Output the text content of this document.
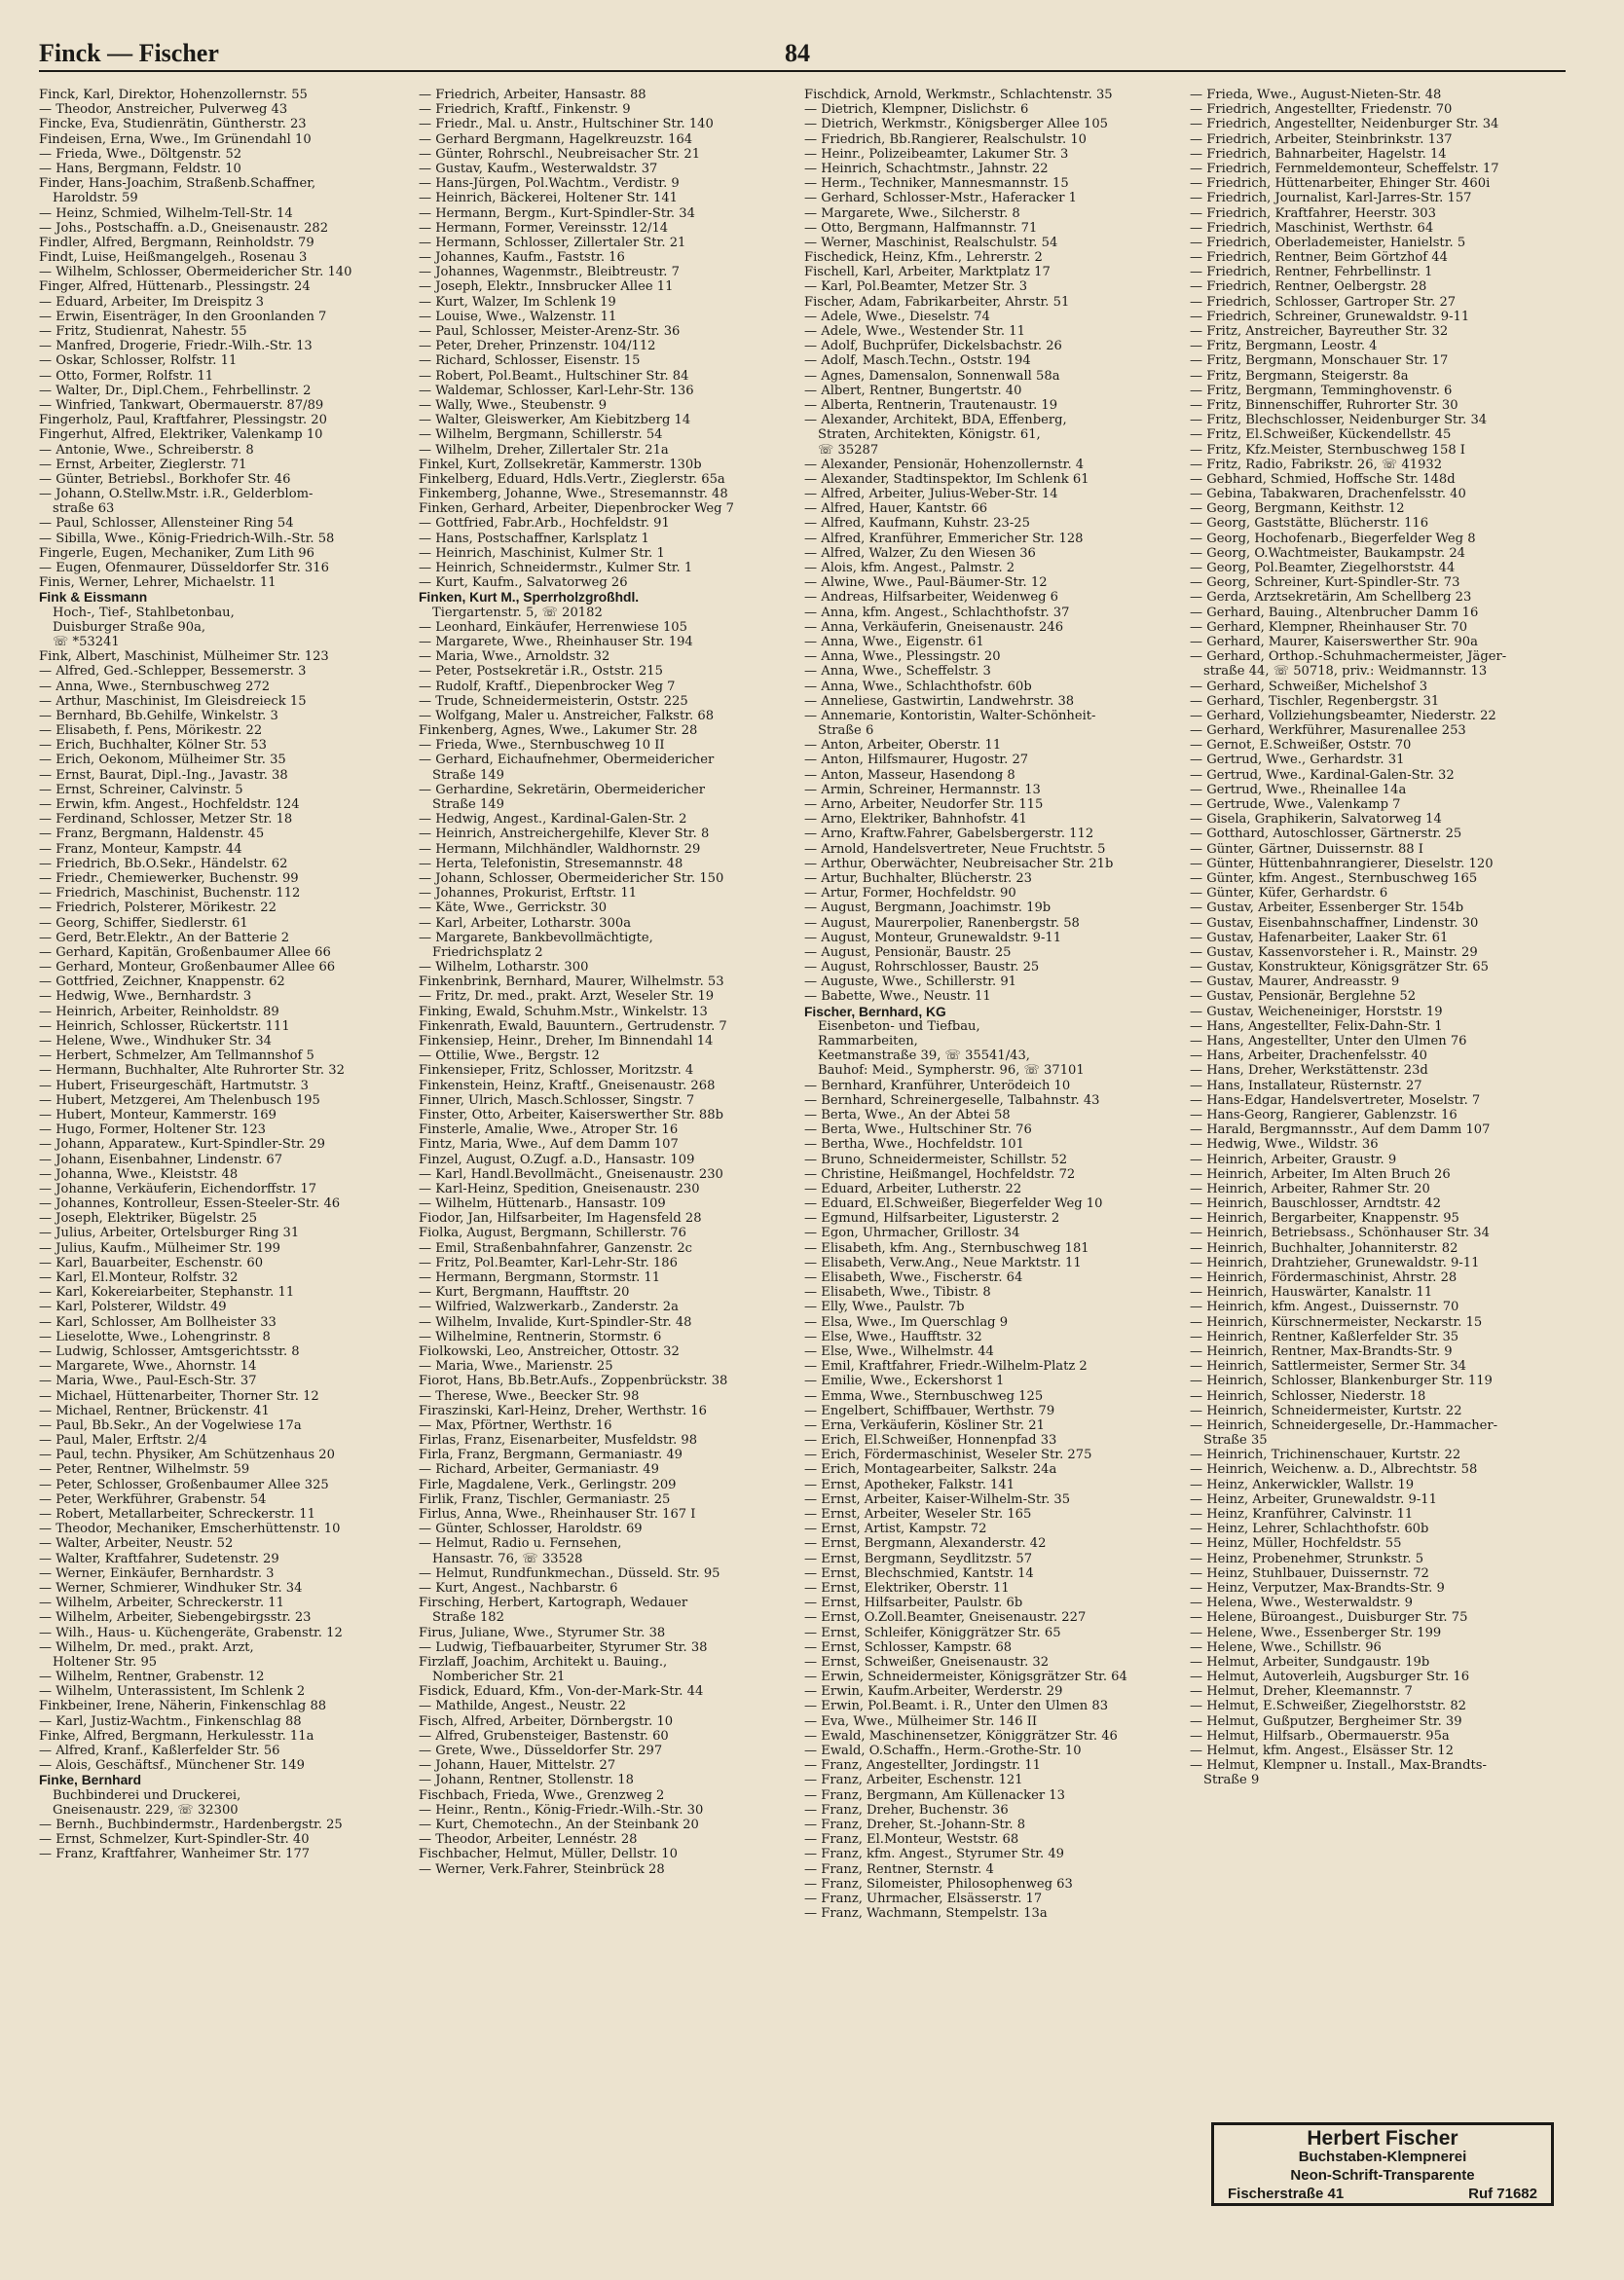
Finck — Fischer	84
Finck, Karl, Direktor, Hohenzollernstr. 55
— Theodor, Anstreicher, Pulverweg 43
Fincke, Eva, Studienrätin, Güntherstr. 23
Findeisen, Erna, Wwe., Im Grünendahl 10
— Frieda, Wwe., Döltgenstr. 52
— Hans, Bergmann, Feldstr. 10
Finder, Hans-Joachim, Straßenb.Schaffner,
Haroldstr. 59
— Heinz, Schmied, Wilhelm-Tell-Str. 14
— Johs., Postschaffn. a.D., Gneisenaustr. 282
Findler, Alfred, Bergmann, Reinholdstr. 79
Findt, Luise, Heißmangelgeh., Rosenau 3
— Wilhelm, Schlosser, Obermeidericher Str. 140
Finger, Alfred, Hüttenarb., Plessingstr. 24
— Eduard, Arbeiter, Im Dreispitz 3
— Erwin, Eisenträger, In den Groonlanden 7
— Fritz, Studienrat, Nahestr. 55
— Manfred, Drogerie, Friedr.-Wilh.-Str. 13
— Oskar, Schlosser, Rolfstr. 11
— Otto, Former, Rolfstr. 11
— Walter, Dr., Dipl.Chem., Fehrbellinstr. 2
— Winfried, Tankwart, Obermauerstr. 87/89
Fingerholz, Paul, Kraftfahrer, Plessingstr. 20
Fingerhut, Alfred, Elektriker, Valenkamp 10
— Antonie, Wwe., Schreiberstr. 8
— Ernst, Arbeiter, Zieglerstr. 71
— Günter, Betriebsl., Borkhofer Str. 46
— Johann, O.Stellw.Mstr. i.R., Gelderblom-
straße 63
— Paul, Schlosser, Allensteiner Ring 54
— Sibilla, Wwe., König-Friedrich-Wilh.-Str. 58
Fingerle, Eugen, Mechaniker, Zum Lith 96
— Eugen, Ofenmaurer, Düsseldorfer Str. 316
Finis, Werner, Lehrer, Michaelstr. 11
Fink & Eissmann
Hoch-, Tief-, Stahlbetonbau,
Duisburger Straße 90a,
☏ *53241
Fink, Albert, Maschinist, Mülheimer Str. 123
— Alfred, Ged.-Schlepper, Bessemerstr. 3
— Anna, Wwe., Sternbuschweg 272
— Arthur, Maschinist, Im Gleisdreieck 15
— Bernhard, Bb.Gehilfe, Winkelstr. 3
— Elisabeth, f. Pens, Mörikestr. 22
— Erich, Buchhalter, Kölner Str. 53
— Erich, Oekonom, Mülheimer Str. 35
— Ernst, Baurat, Dipl.-Ing., Javastr. 38
— Ernst, Schreiner, Calvinstr. 5
— Erwin, kfm. Angest., Hochfeldstr. 124
— Ferdinand, Schlosser, Metzer Str. 18
— Franz, Bergmann, Haldenstr. 45
— Franz, Monteur, Kampstr. 44
— Friedrich, Bb.O.Sekr., Händelstr. 62
— Friedr., Chemiewerker, Buchenstr. 99
— Friedrich, Maschinist, Buchenstr. 112
— Friedrich, Polsterer, Mörikestr. 22
— Georg, Schiffer, Siedlerstr. 61
— Gerd, Betr.Elektr., An der Batterie 2
— Gerhard, Kapitän, Großenbaumer Allee 66
— Gerhard, Monteur, Großenbaumer Allee 66
— Gottfried, Zeichner, Knappenstr. 62
— Hedwig, Wwe., Bernhardstr. 3
— Heinrich, Arbeiter, Reinholdstr. 89
— Heinrich, Schlosser, Rückertstr. 111
— Helene, Wwe., Windhuker Str. 34
— Herbert, Schmelzer, Am Tellmannshof 5
— Hermann, Buchhalter, Alte Ruhrorter Str. 32
— Hubert, Friseurgeschäft, Hartmutstr. 3
— Hubert, Metzgerei, Am Thelenbusch 195
— Hubert, Monteur, Kammerstr. 169
— Hugo, Former, Holtener Str. 123
— Johann, Apparatew., Kurt-Spindler-Str. 29
— Johann, Eisenbahner, Lindenstr. 67
— Johanna, Wwe., Kleiststr. 48
— Johanne, Verkäuferin, Eichendorffstr. 17
— Johannes, Kontrolleur, Essen-Steeler-Str. 46
— Joseph, Elektriker, Bügelstr. 25
— Julius, Arbeiter, Ortelsburger Ring 31
— Julius, Kaufm., Mülheimer Str. 199
— Karl, Bauarbeiter, Eschenstr. 60
— Karl, El.Monteur, Rolfstr. 32
— Karl, Kokereiarbeiter, Stephanstr. 11
— Karl, Polsterer, Wildstr. 49
— Karl, Schlosser, Am Bollheister 33
— Lieselotte, Wwe., Lohengrinstr. 8
— Ludwig, Schlosser, Amtsgerichtsstr. 8
— Margarete, Wwe., Ahornstr. 14
— Maria, Wwe., Paul-Esch-Str. 37
— Michael, Hüttenarbeiter, Thorner Str. 12
— Michael, Rentner, Brückenstr. 41
— Paul, Bb.Sekr., An der Vogelwiese 17a
— Paul, Maler, Erftstr. 2/4
— Paul, techn. Physiker, Am Schützenhaus 20
— Peter, Rentner, Wilhelmstr. 59
— Peter, Schlosser, Großenbaumer Allee 325
— Peter, Werkführer, Grabenstr. 54
— Robert, Metallarbeiter, Schreckerstr. 11
— Theodor, Mechaniker, Emscherhüttenstr. 10
— Walter, Arbeiter, Neustr. 52
— Walter, Kraftfahrer, Sudetenstr. 29
— Werner, Einkäufer, Bernhardstr. 3
— Werner, Schmierer, Windhuker Str. 34
— Wilhelm, Arbeiter, Schreckerstr. 11
— Wilhelm, Arbeiter, Siebengebirgsstr. 23
— Wilh., Haus- u. Küchengeräte, Grabenstr. 12
— Wilhelm, Dr. med., prakt. Arzt,
Holtener Str. 95
— Wilhelm, Rentner, Grabenstr. 12
— Wilhelm, Unterassistent, Im Schlenk 2
Finkbeiner, Irene, Näherin, Finkenschlag 88
— Karl, Justiz-Wachtm., Finkenschlag 88
Finke, Alfred, Bergmann, Herkulesstr. 11a
— Alfred, Kranf., Kaßlerfelder Str. 56
— Alois, Geschäftsf., Münchener Str. 149
Finke, Bernhard
Buchbinderei und Druckerei,
Gneisenaustr. 229, ☏ 32300
— Bernh., Buchbindermstr., Hardenbergstr. 25
— Ernst, Schmelzer, Kurt-Spindler-Str. 40
— Franz, Kraftfahrer, Wanheimer Str. 177
— Friedrich, Arbeiter, Hansastr. 88
— Friedrich, Kraftf., Finkenstr. 9
— Friedr., Mal. u. Anstr., Hultschiner Str. 140
— Gerhard Bergmann, Hagelkreuzstr. 164
— Günter, Rohrschl., Neubreisacher Str. 21
— Gustav, Kaufm., Westerwaldstr. 37
— Hans-Jürgen, Pol.Wachtm., Verdistr. 9
— Heinrich, Bäckerei, Holtener Str. 141
— Hermann, Bergm., Kurt-Spindler-Str. 34
— Hermann, Former, Vereinsstr. 12/14
— Hermann, Schlosser, Zillertaler Str. 21
— Johannes, Kaufm., Faststr. 16
— Johannes, Wagenmstr., Bleibtreustr. 7
— Joseph, Elektr., Innsbrucker Allee 11
— Kurt, Walzer, Im Schlenk 19
— Louise, Wwe., Walzenstr. 11
— Paul, Schlosser, Meister-Arenz-Str. 36
— Peter, Dreher, Prinzenstr. 104/112
— Richard, Schlosser, Eisenstr. 15
— Robert, Pol.Beamt., Hultschiner Str. 84
— Waldemar, Schlosser, Karl-Lehr-Str. 136
— Wally, Wwe., Steubenstr. 9
— Walter, Gleiswerker, Am Kiebitzberg 14
— Wilhelm, Bergmann, Schillerstr. 54
— Wilhelm, Dreher, Zillertaler Str. 21a
Finkel, Kurt, Zollsekretär, Kammerstr. 130b
Finkelberg, Eduard, Hdls.Vertr., Zieglerstr. 65a
Finkemberg, Johanne, Wwe., Stresemannstr. 48
Finken, Gerhard, Arbeiter, Diepenbrocker Weg 7
— Gottfried, Fabr.Arb., Hochfeldstr. 91
— Hans, Postschaffner, Karlsplatz 1
— Heinrich, Maschinist, Kulmer Str. 1
— Heinrich, Schneidermstr., Kulmer Str. 1
— Kurt, Kaufm., Salvatorweg 26
Finken, Kurt M., Sperrholzgroßhdl.
Tiergartenstr. 5, ☏ 20182
— Leonhard, Einkäufer, Herrenwiese 105
— Margarete, Wwe., Rheinhauser Str. 194
— Maria, Wwe., Arnoldstr. 32
— Peter, Postsekretär i.R., Oststr. 215
— Rudolf, Kraftf., Diepenbrocker Weg 7
— Trude, Schneidermeisterin, Oststr. 225
— Wolfgang, Maler u. Anstreicher, Falkstr. 68
Finkenberg, Agnes, Wwe., Lakumer Str. 28
— Frieda, Wwe., Sternbuschweg 10 II
— Gerhard, Eichaufnehmer, Obermeidericher
Straße 149
— Gerhardine, Sekretärin, Obermeidericher
Straße 149
— Hedwig, Angest., Kardinal-Galen-Str. 2
— Heinrich, Anstreichergehilfe, Klever Str. 8
— Hermann, Milchhändler, Waldhornstr. 29
— Herta, Telefonistin, Stresemannstr. 48
— Johann, Schlosser, Obermeidericher Str. 150
— Johannes, Prokurist, Erftstr. 11
— Käte, Wwe., Gerrickstr. 30
— Karl, Arbeiter, Lotharstr. 300a
— Margarete, Bankbevollmächtigte,
Friedrichsplatz 2
— Wilhelm, Lotharstr. 300
Finkenbrink, Bernhard, Maurer, Wilhelmstr. 53
— Fritz, Dr. med., prakt. Arzt, Weseler Str. 19
Finking, Ewald, Schuhm.Mstr., Winkelstr. 13
Finkenrath, Ewald, Bauuntern., Gertrudenstr. 7
Finkensiep, Heinr., Dreher, Im Binnendahl 14
— Ottilie, Wwe., Bergstr. 12
Finkensieper, Fritz, Schlosser, Moritzstr. 4
Finkenstein, Heinz, Kraftf., Gneisenaustr. 268
Finner, Ulrich, Masch.Schlosser, Singstr. 7
Finster, Otto, Arbeiter, Kaiserswerther Str. 88b
Finsterle, Amalie, Wwe., Atroper Str. 16
Fintz, Maria, Wwe., Auf dem Damm 107
Finzel, August, O.Zugf. a.D., Hansastr. 109
— Karl, Handl.Bevollmächt., Gneisenaustr. 230
— Karl-Heinz, Spedition, Gneisenaustr. 230
— Wilhelm, Hüttenarb., Hansastr. 109
Fiodor, Jan, Hilfsarbeiter, Im Hagensfeld 28
Fiolka, August, Bergmann, Schillerstr. 76
— Emil, Straßenbahnfahrer, Ganzenstr. 2c
— Fritz, Pol.Beamter, Karl-Lehr-Str. 186
— Hermann, Bergmann, Stormstr. 11
— Kurt, Bergmann, Haufftstr. 20
— Wilfried, Walzwerkarb., Zanderstr. 2a
— Wilhelm, Invalide, Kurt-Spindler-Str. 48
— Wilhelmine, Rentnerin, Stormstr. 6
Fiolkowski, Leo, Anstreicher, Ottostr. 32
— Maria, Wwe., Marienstr. 25
Fiorot, Hans, Bb.Betr.Aufs., Zoppenbrückstr. 38
— Therese, Wwe., Beecker Str. 98
Firaszinski, Karl-Heinz, Dreher, Werthstr. 16
— Max, Pförtner, Werthstr. 16
Firlas, Franz, Eisenarbeiter, Musfeldstr. 98
Firla, Franz, Bergmann, Germaniastr. 49
— Richard, Arbeiter, Germaniastr. 49
Firle, Magdalene, Verk., Gerlingstr. 209
Firlik, Franz, Tischler, Germaniastr. 25
Firlus, Anna, Wwe., Rheinhauser Str. 167 I
— Günter, Schlosser, Haroldstr. 69
— Helmut, Radio u. Fernsehen,
Hansastr. 76, ☏ 33528
— Helmut, Rundfunkmechan., Düsseld. Str. 95
— Kurt, Angest., Nachbarstr. 6
Firsching, Herbert, Kartograph, Wedauer
Straße 182
Firus, Juliane, Wwe., Styrumer Str. 38
— Ludwig, Tiefbauarbeiter, Styrumer Str. 38
Firzlaff, Joachim, Architekt u. Bauing.,
Nombericher Str. 21
Fisdick, Eduard, Kfm., Von-der-Mark-Str. 44
— Mathilde, Angest., Neustr. 22
Fisch, Alfred, Arbeiter, Dörnbergstr. 10
— Alfred, Grubensteiger, Bastenstr. 60
— Grete, Wwe., Düsseldorfer Str. 297
— Johann, Hauer, Mittelstr. 27
— Johann, Rentner, Stollenstr. 18
Fischbach, Frieda, Wwe., Grenzweg 2
— Heinr., Rentn., König-Friedr.-Wilh.-Str. 30
— Kurt, Chemotechn., An der Steinbank 20
— Theodor, Arbeiter, Lennéstr. 28
Fischbacher, Helmut, Müller, Dellstr. 10
— Werner, Verk.Fahrer, Steinbrück 28
Fischdick, Arnold, Werkmstr., Schlachtenstr. 35
— Dietrich, Klempner, Dislichstr. 6
— Dietrich, Werkmstr., Königsberger Allee 105
— Friedrich, Bb.Rangierer, Realschulstr. 10
— Heinr., Polizeibeamter, Lakumer Str. 3
— Heinrich, Schachtmstr., Jahnstr. 22
— Herm., Techniker, Mannesmannstr. 15
— Gerhard, Schlosser-Mstr., Haferacker 1
— Margarete, Wwe., Silcherstr. 8
— Otto, Bergmann, Halfmannstr. 71
— Werner, Maschinist, Realschulstr. 54
Fischedick, Heinz, Kfm., Lehrerstr. 2
Fischell, Karl, Arbeiter, Marktplatz 17
— Karl, Pol.Beamter, Metzer Str. 3
Fischer, Adam, Fabrikarbeiter, Ahrstr. 51
— Adele, Wwe., Dieselstr. 74
— Adele, Wwe., Westender Str. 11
— Adolf, Buchprüfer, Dickelsbachstr. 26
— Adolf, Masch.Techn., Oststr. 194
— Agnes, Damensalon, Sonnenwall 58a
— Albert, Rentner, Bungertstr. 40
— Alberta, Rentnerin, Trautenaustr. 19
— Alexander, Architekt, BDA, Effenberg,
Straten, Architekten, Königstr. 61,
☏ 35287
— Alexander, Pensionär, Hohenzollernstr. 4
— Alexander, Stadtinspektor, Im Schlenk 61
— Alfred, Arbeiter, Julius-Weber-Str. 14
— Alfred, Hauer, Kantstr. 66
— Alfred, Kaufmann, Kuhstr. 23-25
— Alfred, Kranführer, Emmericher Str. 128
— Alfred, Walzer, Zu den Wiesen 36
— Alois, kfm. Angest., Palmstr. 2
— Alwine, Wwe., Paul-Bäumer-Str. 12
— Andreas, Hilfsarbeiter, Weidenweg 6
— Anna, kfm. Angest., Schlachthofstr. 37
— Anna, Verkäuferin, Gneisenaustr. 246
— Anna, Wwe., Eigenstr. 61
— Anna, Wwe., Plessingstr. 20
— Anna, Wwe., Scheffelstr. 3
— Anna, Wwe., Schlachthofstr. 60b
— Anneliese, Gastwirtin, Landwehrstr. 38
— Annemarie, Kontoristin, Walter-Schönheit-
Straße 6
— Anton, Arbeiter, Oberstr. 11
— Anton, Hilfsmaurer, Hugostr. 27
— Anton, Masseur, Hasendong 8
— Armin, Schreiner, Hermannstr. 13
— Arno, Arbeiter, Neudorfer Str. 115
— Arno, Elektriker, Bahnhofstr. 41
— Arno, Kraftw.Fahrer, Gabelsbergerstr. 112
— Arnold, Handelsvertreter, Neue Fruchtstr. 5
— Arthur, Oberwächter, Neubreisacher Str. 21b
— Artur, Buchhalter, Blücherstr. 23
— Artur, Former, Hochfeldstr. 90
— August, Bergmann, Joachimstr. 19b
— August, Maurerpolier, Ranenbergstr. 58
— August, Monteur, Grunewaldstr. 9-11
— August, Pensionär, Baustr. 25
— August, Rohrschlosser, Baustr. 25
— Auguste, Wwe., Schillerstr. 91
— Babette, Wwe., Neustr. 11
Fischer, Bernhard, KG
Eisenbeton- und Tiefbau,
Rammarbeiten,
Keetmanstraße 39, ☏ 35541/43,
Bauhof: Meid., Sympherstr. 96, ☏ 37101
— Bernhard, Kranführer, Unterödeich 10
— Bernhard, Schreinergeselle, Talbahnstr. 43
— Berta, Wwe., An der Abtei 58
— Berta, Wwe., Hultschiner Str. 76
— Bertha, Wwe., Hochfeldstr. 101
— Bruno, Schneidermeister, Schillstr. 52
— Christine, Heißmangel, Hochfeldstr. 72
— Eduard, Arbeiter, Lutherstr. 22
— Eduard, El.Schweißer, Biegerfelder Weg 10
— Egmund, Hilfsarbeiter, Ligusterstr. 2
— Egon, Uhrmacher, Grillostr. 34
— Elisabeth, kfm. Ang., Sternbuschweg 181
— Elisabeth, Verw.Ang., Neue Marktstr. 11
— Elisabeth, Wwe., Fischerstr. 64
— Elisabeth, Wwe., Tibistr. 8
— Elly, Wwe., Paulstr. 7b
— Elsa, Wwe., Im Querschlag 9
— Else, Wwe., Haufftstr. 32
— Else, Wwe., Wilhelmstr. 44
— Emil, Kraftfahrer, Friedr.-Wilhelm-Platz 2
— Emilie, Wwe., Eckershorst 1
— Emma, Wwe., Sternbuschweg 125
— Engelbert, Schiffbauer, Werthstr. 79
— Erna, Verkäuferin, Kösliner Str. 21
— Erich, El.Schweißer, Honnenpfad 33
— Erich, Fördermaschinist, Weseler Str. 275
— Erich, Montagearbeiter, Salkstr. 24a
— Ernst, Apotheker, Falkstr. 141
— Ernst, Arbeiter, Kaiser-Wilhelm-Str. 35
— Ernst, Arbeiter, Weseler Str. 165
— Ernst, Artist, Kampstr. 72
— Ernst, Bergmann, Alexanderstr. 42
— Ernst, Bergmann, Seydlitzstr. 57
— Ernst, Blechschmied, Kantstr. 14
— Ernst, Elektriker, Oberstr. 11
— Ernst, Hilfsarbeiter, Paulstr. 6b
— Ernst, O.Zoll.Beamter, Gneisenaustr. 227
— Ernst, Schleifer, Königgrätzer Str. 65
— Ernst, Schlosser, Kampstr. 68
— Ernst, Schweißer, Gneisenaustr. 32
— Erwin, Schneidermeister, Königsgrätzer Str. 64
— Erwin, Kaufm.Arbeiter, Werderstr. 29
— Erwin, Pol.Beamt. i. R., Unter den Ulmen 83
— Eva, Wwe., Mülheimer Str. 146 II
— Ewald, Maschinensetzer, Königgrätzer Str. 46
— Ewald, O.Schaffn., Herm.-Grothe-Str. 10
— Franz, Angestellter, Jordingstr. 11
— Franz, Arbeiter, Eschenstr. 121
— Franz, Bergmann, Am Küllenacker 13
— Franz, Dreher, Buchenstr. 36
— Franz, Dreher, St.-Johann-Str. 8
— Franz, El.Monteur, Weststr. 68
— Franz, kfm. Angest., Styrumer Str. 49
— Franz, Rentner, Sternstr. 4
— Franz, Silomeister, Philosophenweg 63
— Franz, Uhrmacher, Elsässerstr. 17
— Franz, Wachmann, Stempelstr. 13a
— Frieda, Wwe., August-Nieten-Str. 48
— Friedrich, Angestellter, Friedenstr. 70
— Friedrich, Angestellter, Neidenburger Str. 34
— Friedrich, Arbeiter, Steinbrinkstr. 137
— Friedrich, Bahnarbeiter, Hagelstr. 14
— Friedrich, Fernmeldemonteur, Scheffelstr. 17
— Friedrich, Hüttenarbeiter, Ehinger Str. 460i
— Friedrich, Journalist, Karl-Jarres-Str. 157
— Friedrich, Kraftfahrer, Heerstr. 303
— Friedrich, Maschinist, Werthstr. 64
— Friedrich, Oberlademeister, Hanielstr. 5
— Friedrich, Rentner, Beim Görtzhof 44
— Friedrich, Rentner, Fehrbellinstr. 1
— Friedrich, Rentner, Oelbergstr. 28
— Friedrich, Schlosser, Gartroper Str. 27
— Friedrich, Schreiner, Grunewaldstr. 9-11
— Fritz, Anstreicher, Bayreuther Str. 32
— Fritz, Bergmann, Leostr. 4
— Fritz, Bergmann, Monschauer Str. 17
— Fritz, Bergmann, Steigerstr. 8a
— Fritz, Bergmann, Temminghovenstr. 6
— Fritz, Binnenschiffer, Ruhrorter Str. 30
— Fritz, Blechschlosser, Neidenburger Str. 34
— Fritz, El.Schweißer, Kückendellstr. 45
— Fritz, Kfz.Meister, Sternbuschweg 158 I
— Fritz, Radio, Fabrikstr. 26, ☏ 41932
— Gebhard, Schmied, Hoffsche Str. 148d
— Gebina, Tabakwaren, Drachenfelsstr. 40
— Georg, Bergmann, Keithstr. 12
— Georg, Gaststätte, Blücherstr. 116
— Georg, Hochofenarb., Biegerfelder Weg 8
— Georg, O.Wachtmeister, Baukampstr. 24
— Georg, Pol.Beamter, Ziegelhorststr. 44
— Georg, Schreiner, Kurt-Spindler-Str. 73
— Gerda, Arztsekretärin, Am Schellberg 23
— Gerhard, Bauing., Altenbrucher Damm 16
— Gerhard, Klempner, Rheinhauser Str. 70
— Gerhard, Maurer, Kaiserswerther Str. 90a
— Gerhard, Orthop.-Schuhmachermeister, Jäger-
straße 44, ☏ 50718, priv.: Weidmannstr. 13
— Gerhard, Schweißer, Michelshof 3
— Gerhard, Tischler, Regenbergstr. 31
— Gerhard, Vollziehungsbeamter, Niederstr. 22
— Gerhard, Werkführer, Masurenallee 253
— Gernot, E.Schweißer, Oststr. 70
— Gertrud, Wwe., Gerhardstr. 31
— Gertrud, Wwe., Kardinal-Galen-Str. 32
— Gertrud, Wwe., Rheinallee 14a
— Gertrude, Wwe., Valenkamp 7
— Gisela, Graphikerin, Salvatorweg 14
— Gotthard, Autoschlosser, Gärtnerstr. 25
— Günter, Gärtner, Duissernstr. 88 I
— Günter, Hüttenbahnrangierer, Dieselstr. 120
— Günter, kfm. Angest., Sternbuschweg 165
— Günter, Küfer, Gerhardstr. 6
— Gustav, Arbeiter, Essenberger Str. 154b
— Gustav, Eisenbahnschaffner, Lindenstr. 30
— Gustav, Hafenarbeiter, Laaker Str. 61
— Gustav, Kassenvorsteher i. R., Mainstr. 29
— Gustav, Konstrukteur, Königsgrätzer Str. 65
— Gustav, Maurer, Andreasstr. 9
— Gustav, Pensionär, Berglehne 52
— Gustav, Weicheneiniger, Horststr. 19
— Hans, Angestellter, Felix-Dahn-Str. 1
— Hans, Angestellter, Unter den Ulmen 76
— Hans, Arbeiter, Drachenfelsstr. 40
— Hans, Dreher, Werkstättenstr. 23d
— Hans, Installateur, Rüsternstr. 27
— Hans-Edgar, Handelsvertreter, Moselstr. 7
— Hans-Georg, Rangierer, Gablenzstr. 16
— Harald, Bergmannsstr., Auf dem Damm 107
— Hedwig, Wwe., Wildstr. 36
— Heinrich, Arbeiter, Graustr. 9
— Heinrich, Arbeiter, Im Alten Bruch 26
— Heinrich, Arbeiter, Rahmer Str. 20
— Heinrich, Bauschlosser, Arndtstr. 42
— Heinrich, Bergarbeiter, Knappenstr. 95
— Heinrich, Betriebsass., Schönhauser Str. 34
— Heinrich, Buchhalter, Johanniterstr. 82
— Heinrich, Drahtzieher, Grunewaldstr. 9-11
— Heinrich, Fördermaschinist, Ahrstr. 28
— Heinrich, Hauswärter, Kanalstr. 11
— Heinrich, kfm. Angest., Duissernstr. 70
— Heinrich, Kürschnermeister, Neckarstr. 15
— Heinrich, Rentner, Kaßlerfelder Str. 35
— Heinrich, Rentner, Max-Brandts-Str. 9
— Heinrich, Sattlermeister, Sermer Str. 34
— Heinrich, Schlosser, Blankenburger Str. 119
— Heinrich, Schlosser, Niederstr. 18
— Heinrich, Schneidermeister, Kurtstr. 22
— Heinrich, Schneidergeselle, Dr.-Hammacher-
Straße 35
— Heinrich, Trichinenschauer, Kurtstr. 22
— Heinrich, Weichenw. a. D., Albrechtstr. 58
— Heinz, Ankerwickler, Wallstr. 19
— Heinz, Arbeiter, Grunewaldstr. 9-11
— Heinz, Kranführer, Calvinstr. 11
— Heinz, Lehrer, Schlachthofstr. 60b
— Heinz, Müller, Hochfeldstr. 55
— Heinz, Probenehmer, Strunkstr. 5
— Heinz, Stuhlbauer, Duissernstr. 72
— Heinz, Verputzer, Max-Brandts-Str. 9
— Helena, Wwe., Westerwaldstr. 9
— Helene, Büroangest., Duisburger Str. 75
— Helene, Wwe., Essenberger Str. 199
— Helene, Wwe., Schillstr. 96
— Helmut, Arbeiter, Sundgaustr. 19b
— Helmut, Autoverleih, Augsburger Str. 16
— Helmut, Dreher, Kleemannstr. 7
— Helmut, E.Schweißer, Ziegelhorststr. 82
— Helmut, Gußputzer, Bergheimer Str. 39
— Helmut, Hilfsarb., Obermauerstr. 95a
— Helmut, kfm. Angest., Elsässer Str. 12
— Helmut, Klempner u. Install., Max-Brandts-
Straße 9
Herbert Fischer
Buchstaben-Klempnerei
Neon-Schrift-Transparente
Fischerstraße 41	Ruf 71682
